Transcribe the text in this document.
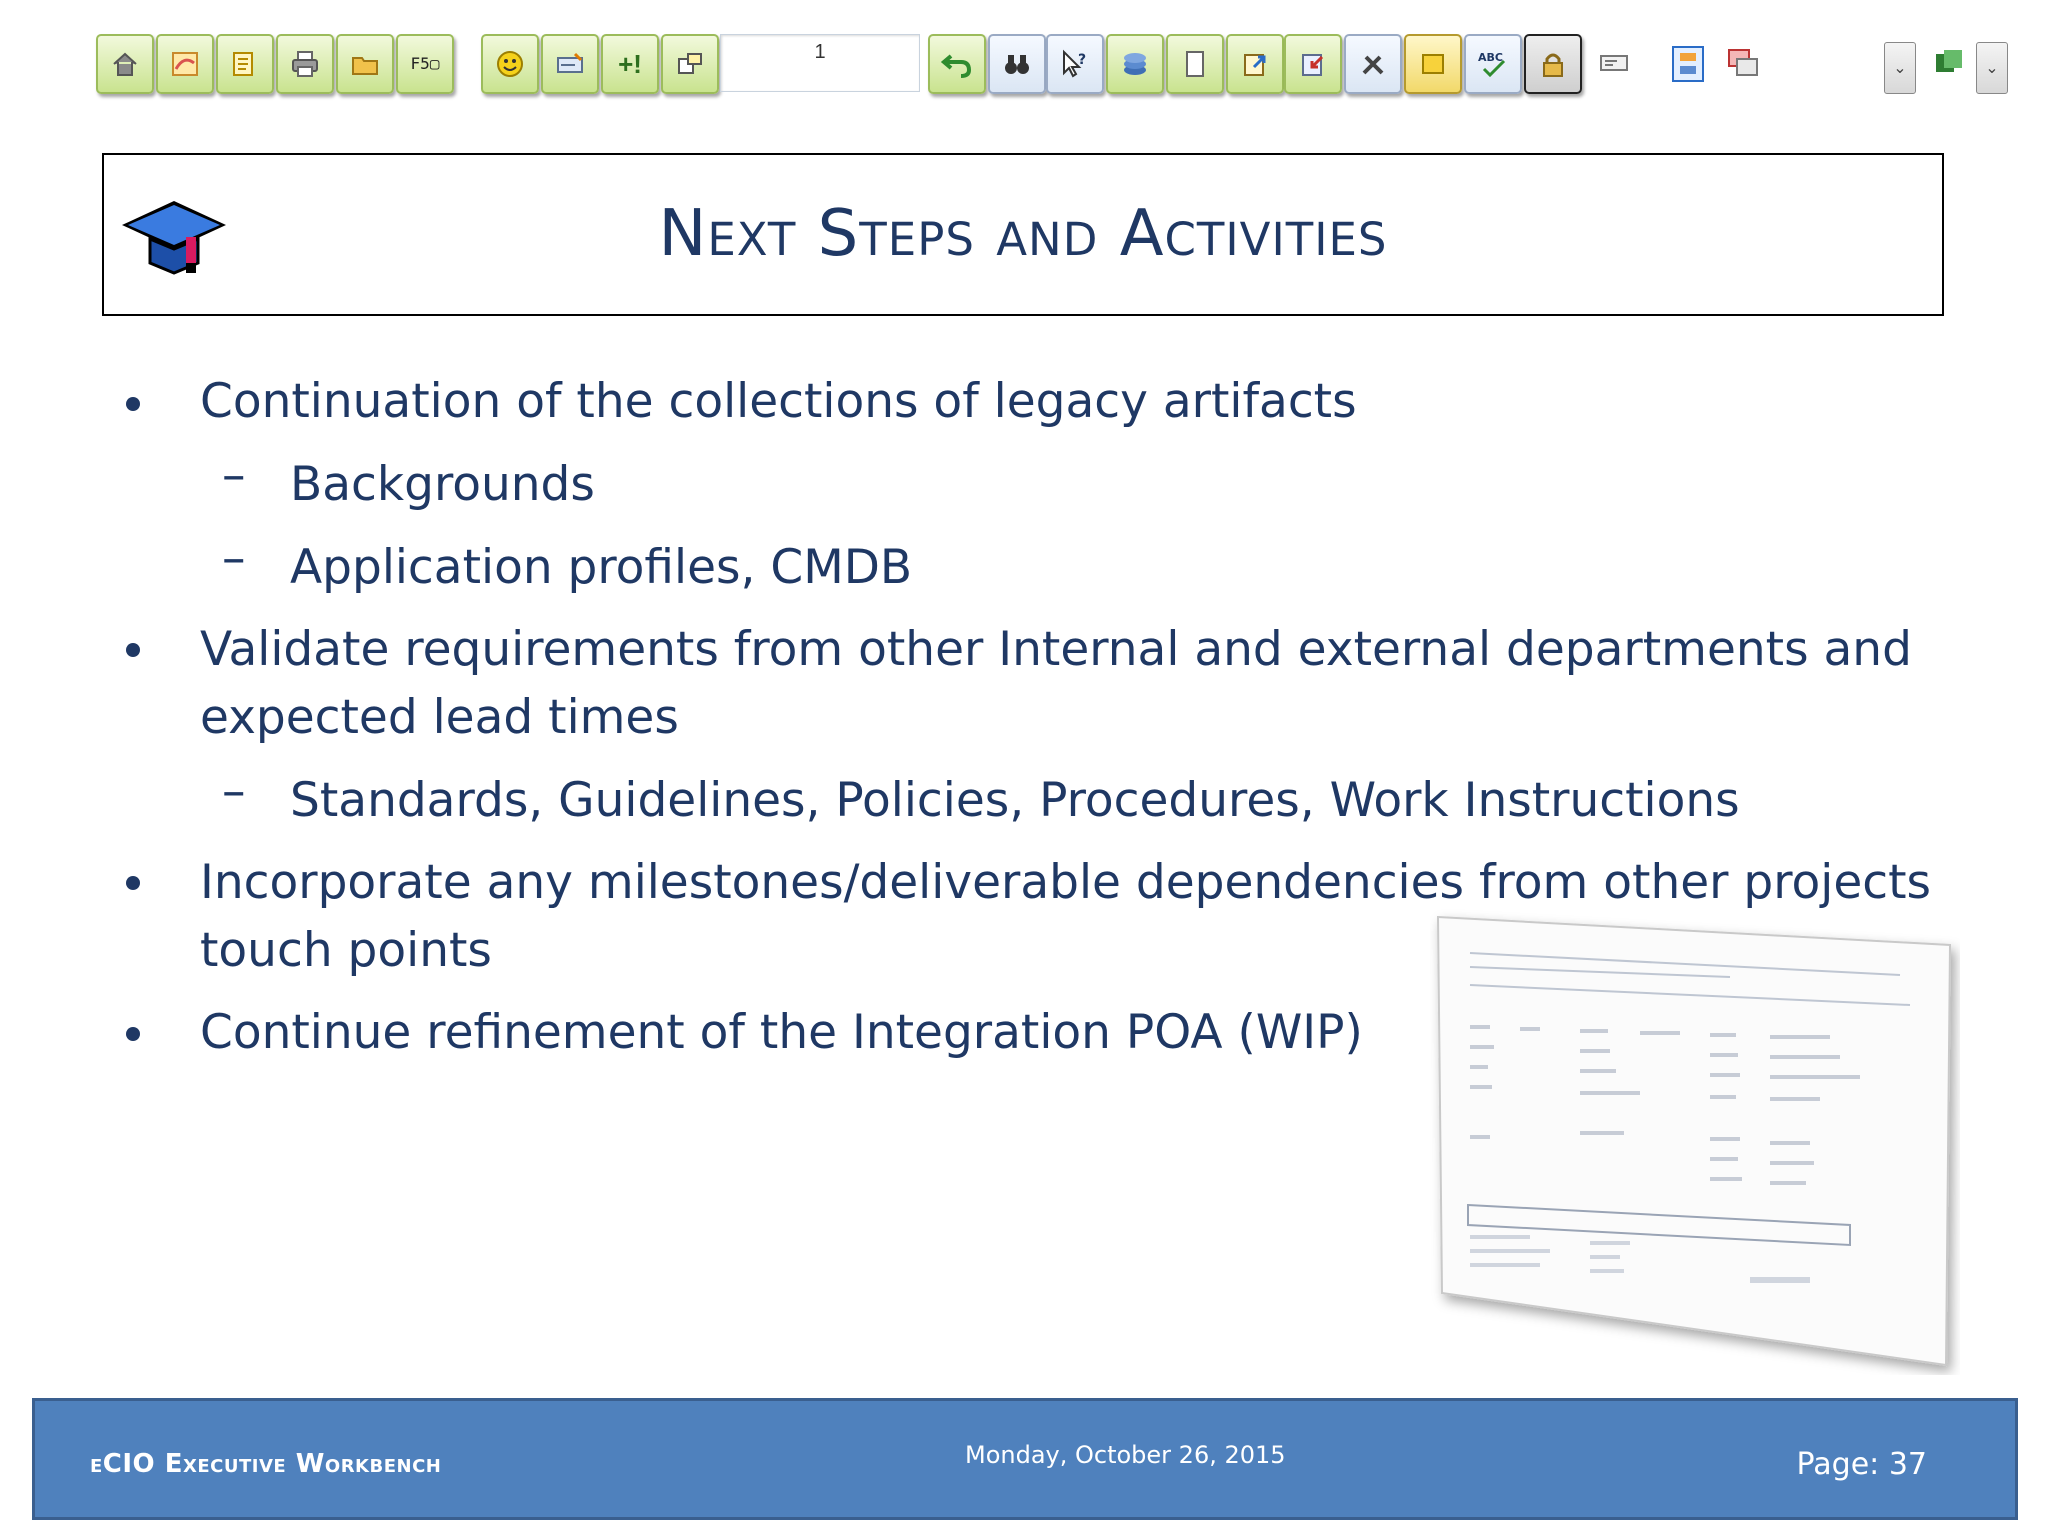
F5▢	+!	1	?	ABC
⌄	⌄
Next Steps and Activities
Continuation of the collections of legacy artifacts
– Backgrounds
– Application profiles, CMDB
Validate requirements from other Internal and external departments and
expected lead times
– Standards, Guidelines, Policies, Procedures, Work Instructions
Incorporate any milestones/deliverable dependencies from other projects
touch points
Continue refinement of the Integration POA (WIP)
eCIO Executive Workbench	Monday, October 26, 2015	Page: 37
